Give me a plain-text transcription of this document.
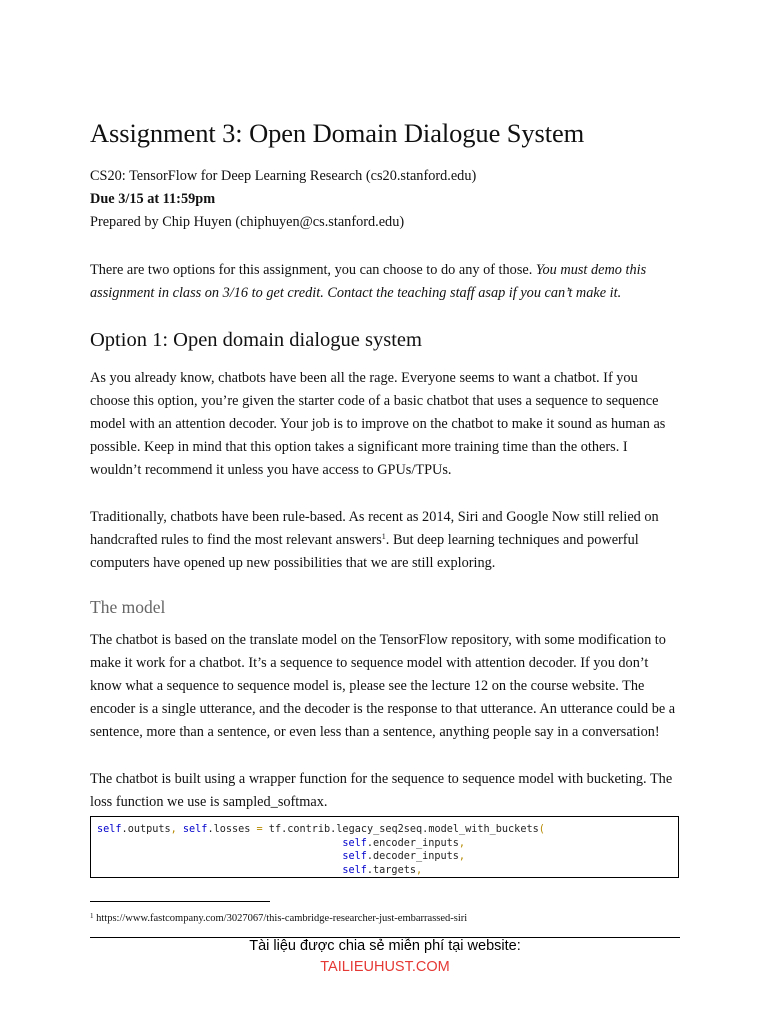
Assignment 3: Open Domain Dialogue System
CS20: TensorFlow for Deep Learning Research (cs20.stanford.edu)
Due 3/15 at 11:59pm
Prepared by Chip Huyen (chiphuyen@cs.stanford.edu)

There are two options for this assignment, you can choose to do any of those. You must demo this assignment in class on 3/16 to get credit. Contact the teaching staff asap if you can’t make it.

Option 1: Open domain dialogue system

As you already know, chatbots have been all the rage. Everyone seems to want a chatbot. If you choose this option, you’re given the starter code of a basic chatbot that uses a sequence to sequence model with an attention decoder. Your job is to improve on the chatbot to make it sound as human as possible. Keep in mind that this option takes a significant more training time than the others. I wouldn’t recommend it unless you have access to GPUs/TPUs.

Traditionally, chatbots have been rule-based. As recent as 2014, Siri and Google Now still relied on handcrafted rules to find the most relevant answers$^1$. But deep learning techniques and powerful computers have opened up new possibilities that we are still exploring.

The model

The chatbot is based on the translate model on the TensorFlow repository, with some modification to make it work for a chatbot. It’s a sequence to sequence model with attention decoder. If you don’t know what a sequence to sequence model is, please see the lecture 12 on the course website. The encoder is a single utterance, and the decoder is the response to that utterance. An utterance could be a sentence, more than a sentence, or even less than a sentence, anything people say in a conversation!

The chatbot is built using a wrapper function for the sequence to sequence model with bucketing. The loss function we use is sampled_softmax.

self.outputs, self.losses = tf.contrib.legacy_seq2seq.model_with_buckets(
self.encoder_inputs,
self.decoder_inputs,
self.targets,
$^1$ https://www.fastcompany.com/3027067/this-cambridge-researcher-just-embarrassed-siri
Tài liệu được chia sẻ miễn phí tại website:
TAILIEUHUST.COM
